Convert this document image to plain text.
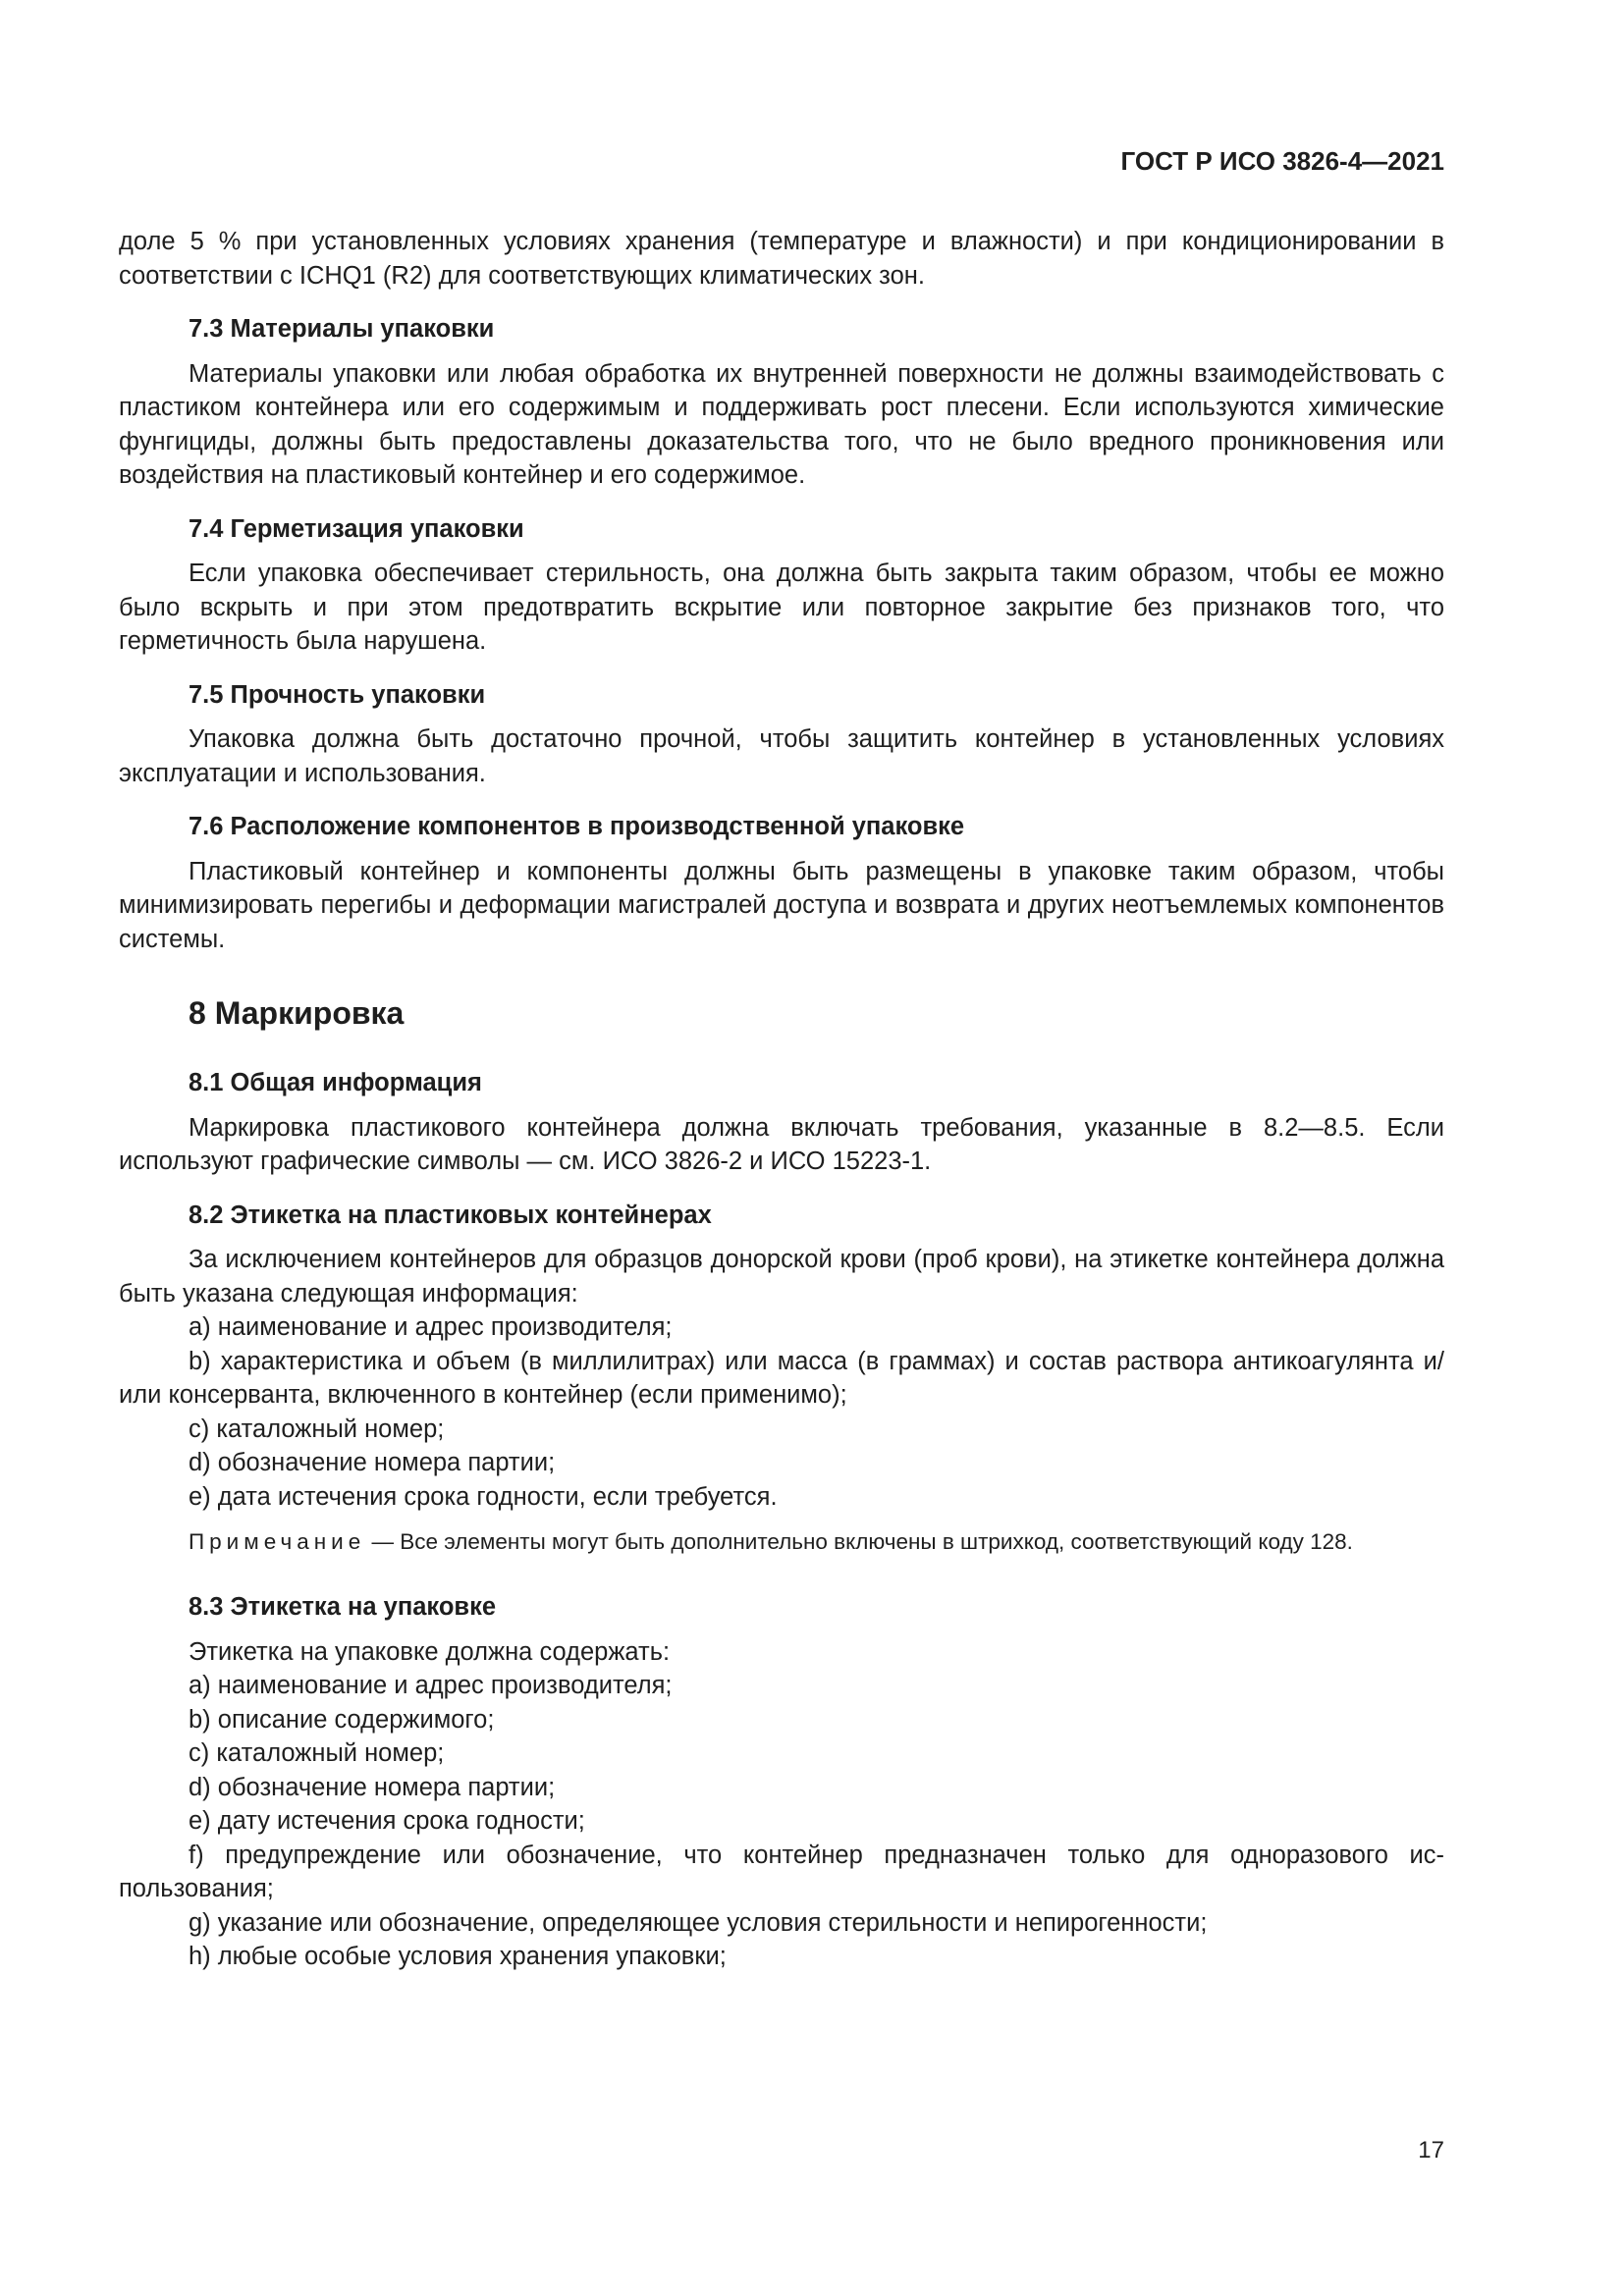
ГОСТ Р ИСО 3826-4—2021

доле 5 % при установленных условиях хранения (температуре и влажности) и при кондиционировании в соответствии с ICHQ1 (R2) для соответствующих климатических зон.

7.3 Материалы упаковки

Материалы упаковки или любая обработка их внутренней поверхности не должны взаимодействовать с пластиком контейнера или его содержимым и поддерживать рост плесени. Если используются химические фунгициды, должны быть предоставлены доказательства того, что не было вредного проникновения или воздействия на пластиковый контейнер и его содержимое.

7.4 Герметизация упаковки

Если упаковка обеспечивает стерильность, она должна быть закрыта таким образом, чтобы ее можно было вскрыть и при этом предотвратить вскрытие или повторное закрытие без признаков того, что герметичность была нарушена.

7.5 Прочность упаковки

Упаковка должна быть достаточно прочной, чтобы защитить контейнер в установленных условиях эксплуатации и использования.

7.6 Расположение компонентов в производственной упаковке

Пластиковый контейнер и компоненты должны быть размещены в упаковке таким образом, чтобы минимизировать перегибы и деформации магистралей доступа и возврата и других неотъемлемых компонентов системы.

8 Маркировка
8.1 Общая информация

Маркировка пластикового контейнера должна включать требования, указанные в 8.2—8.5. Если используют графические символы — см. ИСО 3826-2 и ИСО 15223-1.

8.2 Этикетка на пластиковых контейнерах

За исключением контейнеров для образцов донорской крови (проб крови), на этикетке контейнера должна быть указана следующая информация:

a) наименование и адрес производителя;

b) характеристика и объем (в миллилитрах) или масса (в граммах) и состав раствора антикоагулянта и/или консерванта, включенного в контейнер (если применимо);

c) каталожный номер;

d) обозначение номера партии;

e) дата истечения срока годности, если требуется.

Примечание — Все элементы могут быть дополнительно включены в штрихкод, соответствующий коду 128.

8.3 Этикетка на упаковке

Этикетка на упаковке должна содержать:

a) наименование и адрес производителя;

b) описание содержимого;

c) каталожный номер;

d) обозначение номера партии;

e) дату истечения срока годности;

f) предупреждение или обозначение, что контейнер предназначен только для одноразового использования;

g) указание или обозначение, определяющее условия стерильности и непирогенности;

h) любые особые условия хранения упаковки;

17
